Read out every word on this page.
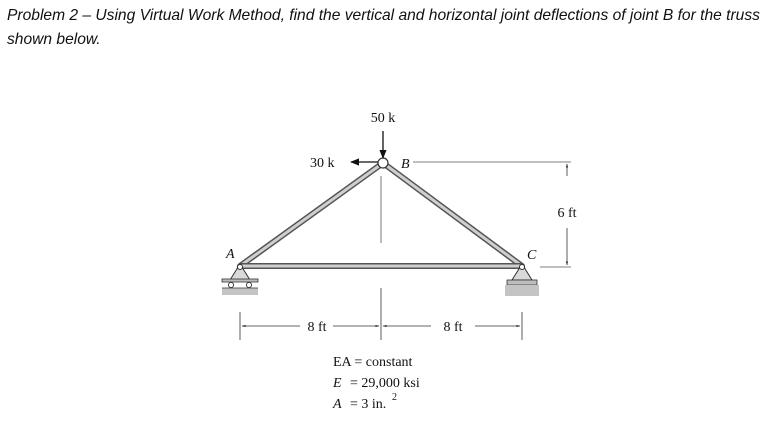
Problem 2 – Using Virtual Work Method, find the vertical and horizontal joint deflections of joint B for the truss shown below.
50 k
30 k	B
A	C
6 ft
8 ft	8 ft
EA = constant
E = 29,000 ksi
A = 3 in. 2
